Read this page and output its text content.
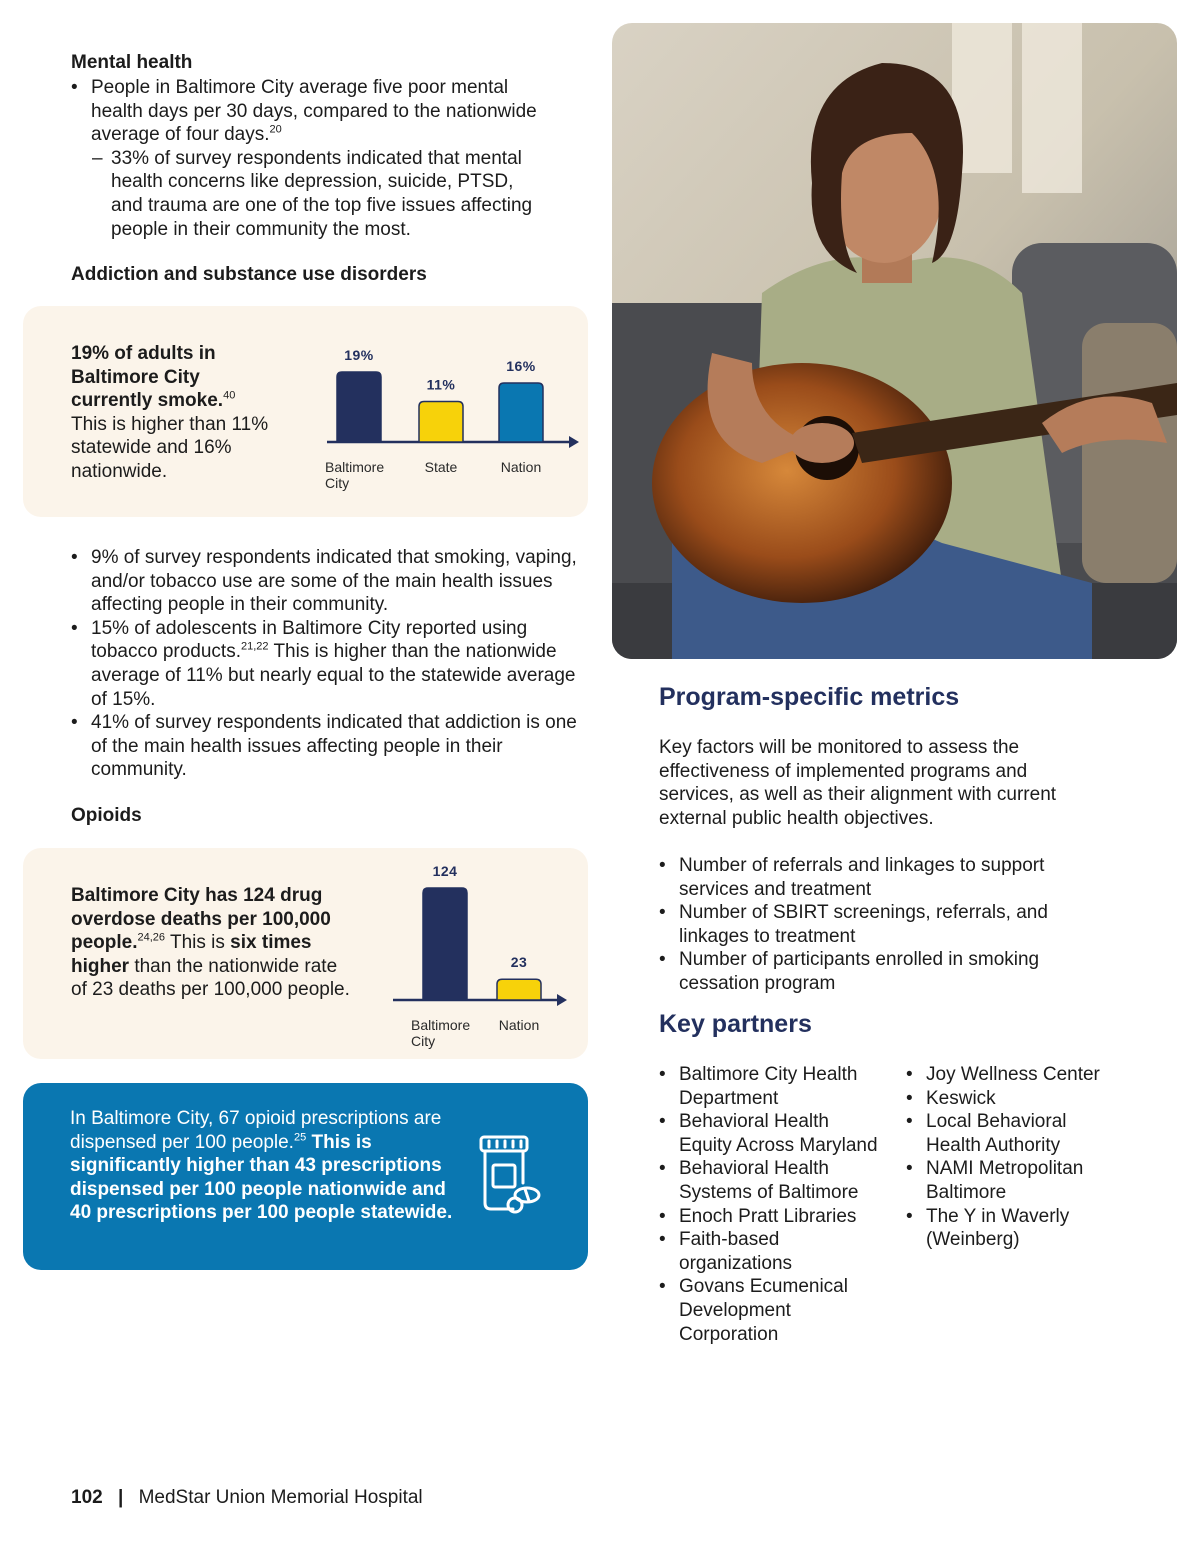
Mental health
• People in Baltimore City average five poor mental health days per 30 days, compared to the nationwide average of four days.$^{20}$
– 33% of survey respondents indicated that mental health concerns like depression, suicide, PTSD, and trauma are one of the top five issues affecting people in their community the most.
Addiction and substance use disorders
19% of adults in Baltimore City currently smoke.$^{40}$ This is higher than 11% statewide and 16% nationwide.
19%
Baltimore City
11%
State
16%
Nation
• 9% of survey respondents indicated that smoking, vaping, and/or tobacco use are some of the main health issues affecting people in their community.
• 15% of adolescents in Baltimore City reported using tobacco products.$^{21,22}$ This is higher than the nationwide average of 11% but nearly equal to the statewide average of 15%.
• 41% of survey respondents indicated that addiction is one of the main health issues affecting people in their community.
Opioids
Baltimore City has 124 drug overdose deaths per 100,000 people.$^{24,26}$ This is six times higher than the nationwide rate of 23 deaths per 100,000 people.
124
Baltimore City
23
Nation
In Baltimore City, 67 opioid prescriptions are dispensed per 100 people.$^{25}$ This is significantly higher than 43 prescriptions dispensed per 100 people nationwide and 40 prescriptions per 100 people statewide.
Program-specific metrics
Key factors will be monitored to assess the effectiveness of implemented programs and services, as well as their alignment with current external public health objectives.
• Number of referrals and linkages to support services and treatment
• Number of SBIRT screenings, referrals, and linkages to treatment
• Number of participants enrolled in smoking cessation program
Key partners
• Baltimore City Health Department
• Behavioral Health Equity Across Maryland
• Behavioral Health Systems of Baltimore
• Enoch Pratt Libraries
• Faith-based organizations
• Govans Ecumenical Development Corporation
• Joy Wellness Center
• Keswick
• Local Behavioral Health Authority
• NAMI Metropolitan Baltimore
• The Y in Waverly (Weinberg)
102 | MedStar Union Memorial Hospital
